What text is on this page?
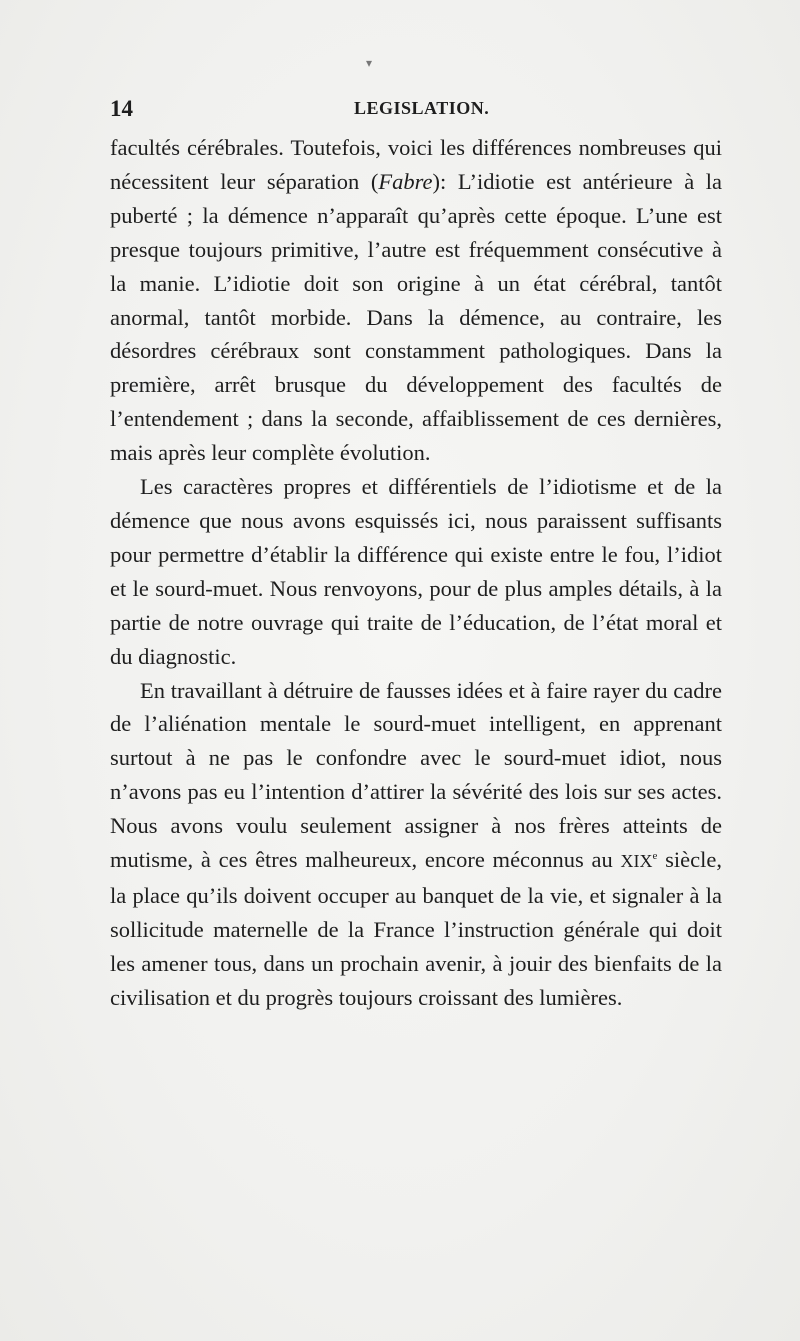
▾
14	LEGISLATION.

facultés cérébrales. Toutefois, voici les différences nombreuses qui nécessitent leur séparation (Fabre): L’idiotie est antérieure à la puberté ; la démence n’apparaît qu’après cette époque. L’une est presque toujours primitive, l’autre est fréquemment consécutive à la manie. L’idiotie doit son origine à un état cérébral, tantôt anormal, tantôt morbide. Dans la démence, au contraire, les désordres cérébraux sont constamment pathologiques. Dans la première, arrêt brusque du développement des facultés de l’entendement ; dans la seconde, affaiblissement de ces dernières, mais après leur complète évolution.

Les caractères propres et différentiels de l’idiotisme et de la démence que nous avons esquissés ici, nous paraissent suffisants pour permettre d’établir la différence qui existe entre le fou, l’idiot et le sourd-muet. Nous renvoyons, pour de plus amples détails, à la partie de notre ouvrage qui traite de l’éducation, de l’état moral et du diagnostic.

En travaillant à détruire de fausses idées et à faire rayer du cadre de l’aliénation mentale le sourd-muet intelligent, en apprenant surtout à ne pas le confondre avec le sourd-muet idiot, nous n’avons pas eu l’intention d’attirer la sévérité des lois sur ses actes. Nous avons voulu seulement assigner à nos frères atteints de mutisme, à ces êtres malheureux, encore méconnus au XIXe siècle, la place qu’ils doivent occuper au banquet de la vie, et signaler à la sollicitude maternelle de la France l’instruction générale qui doit les amener tous, dans un prochain avenir, à jouir des bienfaits de la civilisation et du progrès toujours croissant des lumières.
